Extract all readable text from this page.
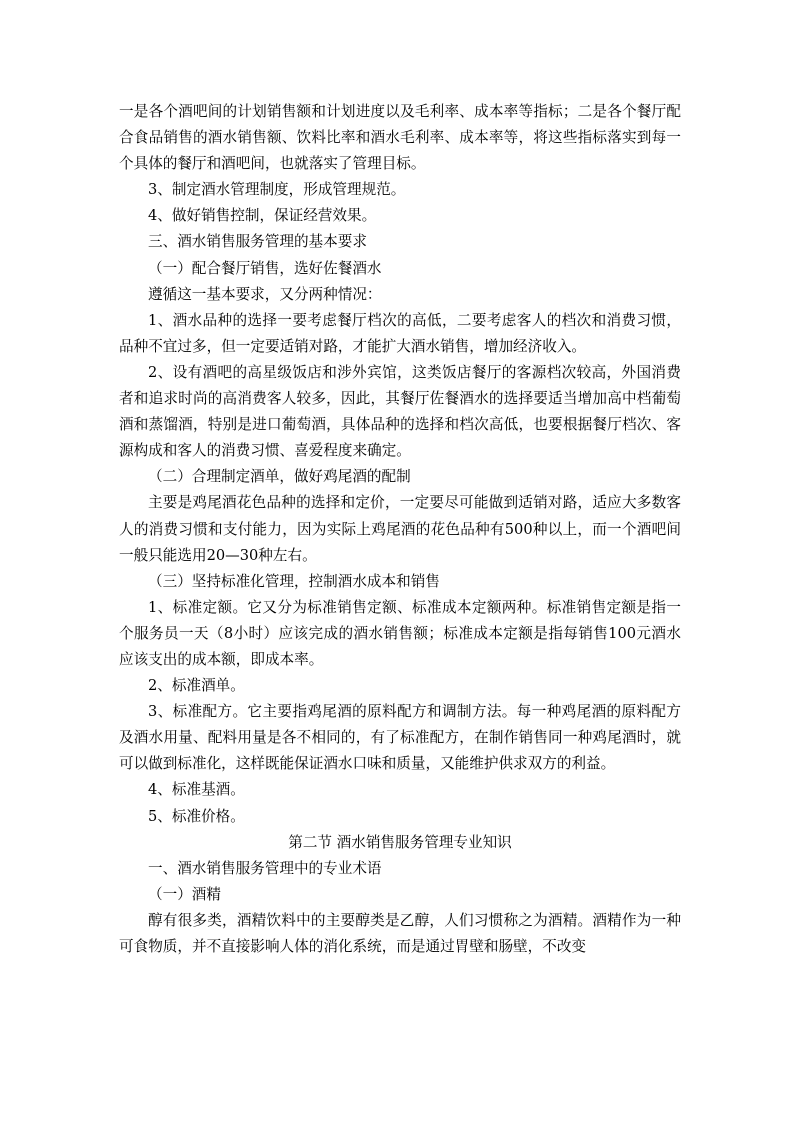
一是各个酒吧间的计划销售额和计划进度以及毛利率、成本率等指标；二是各个餐厅配合食品销售的酒水销售额、饮料比率和酒水毛利率、成本率等，将这些指标落实到每一个具体的餐厅和酒吧间，也就落实了管理目标。

3、制定酒水管理制度，形成管理规范。

4、做好销售控制，保证经营效果。

三、酒水销售服务管理的基本要求

（一）配合餐厅销售，选好佐餐酒水

遵循这一基本要求，又分两种情况：

1、酒水品种的选择一要考虑餐厅档次的高低，二要考虑客人的档次和消费习惯，品种不宜过多，但一定要适销对路，才能扩大酒水销售，增加经济收入。

2、设有酒吧的高星级饭店和涉外宾馆，这类饭店餐厅的客源档次较高，外国消费者和追求时尚的高消费客人较多，因此，其餐厅佐餐酒水的选择要适当增加高中档葡萄酒和蒸馏酒，特别是进口葡萄酒，具体品种的选择和档次高低，也要根据餐厅档次、客源构成和客人的消费习惯、喜爱程度来确定。

（二）合理制定酒单，做好鸡尾酒的配制

主要是鸡尾酒花色品种的选择和定价，一定要尽可能做到适销对路，适应大多数客人的消费习惯和支付能力，因为实际上鸡尾酒的花色品种有500种以上，而一个酒吧间一般只能选用20—30种左右。

（三）坚持标准化管理，控制酒水成本和销售

1、标准定额。它又分为标准销售定额、标准成本定额两种。标准销售定额是指一个服务员一天（8小时）应该完成的酒水销售额；标准成本定额是指每销售100元酒水应该支出的成本额，即成本率。

2、标准酒单。

3、标准配方。它主要指鸡尾酒的原料配方和调制方法。每一种鸡尾酒的原料配方及酒水用量、配料用量是各不相同的，有了标准配方，在制作销售同一种鸡尾酒时，就可以做到标准化，这样既能保证酒水口味和质量，又能维护供求双方的利益。

4、标准基酒。

5、标准价格。

第二节 酒水销售服务管理专业知识

一、酒水销售服务管理中的专业术语

（一）酒精

醇有很多类，酒精饮料中的主要醇类是乙醇，人们习惯称之为酒精。酒精作为一种可食物质，并不直接影响人体的消化系统，而是通过胃壁和肠壁，不改变
